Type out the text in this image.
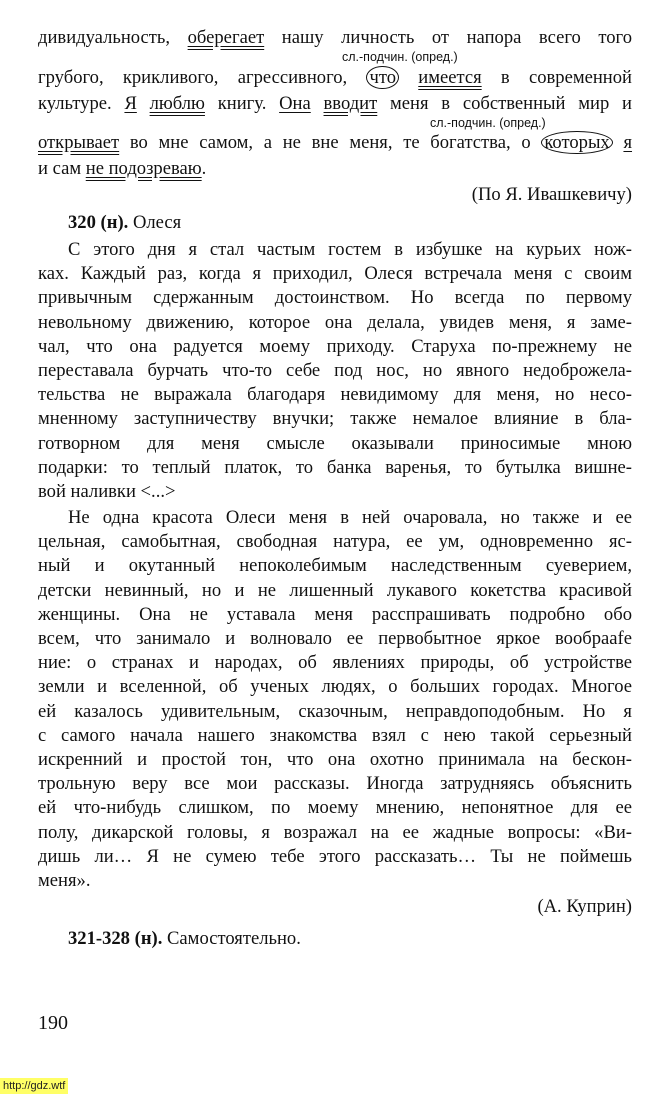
дивидуальность, оберегает нашу личность от напора всего того
грубого, крикливого, агрессивного, что имеется в современной
культуре. Я люблю книгу. Она вводит меня в собственный мир и
открывает во мне самом, а не вне меня, те богатства, о которых я
и сам не подозреваю.
сл.-подчин. (опред.)
сл.-подчин. (опред.)
(По Я. Ивашкевичу)
320 (н). Олеся
С этого дня я стал частым гостем в избушке на курьих нож-
ках. Каждый раз, когда я приходил, Олеся встречала меня с своим
привычным сдержанным достоинством. Но всегда по первому
невольному движению, которое она делала, увидев меня, я заме-
чал, что она радуется моему приходу. Старуха по-прежнему не
переставала бурчать что-то себе под нос, но явного недоброжела-
тельства не выражала благодаря невидимому для меня, но несо-
мненному заступничеству внучки; также немалое влияние в бла-
готворном для меня смысле оказывали приносимые мною
подарки: то теплый платок, то банка варенья, то бутылка вишне-
вой наливки <...>
Не одна красота Олеси меня в ней очаровала, но также и ее
цельная, самобытная, свободная натура, ее ум, одновременно яс-
ный и окутанный непоколебимым наследственным суеверием,
детски невинный, но и не лишенный лукавого кокетства красивой
женщины. Она не уставала меня расспрашивать подробно обо
всем, что занимало и волновало ее первобытное яркое вообраafe
ние: о странах и народах, об явлениях природы, об устройстве
земли и вселенной, об ученых людях, о больших городах. Многое
ей казалось удивительным, сказочным, неправдоподобным. Но я
с самого начала нашего знакомства взял с нею такой серьезный
искренний и простой тон, что она охотно принимала на бескон-
трольную веру все мои рассказы. Иногда затрудняясь объяснить
ей что-нибудь слишком, по моему мнению, непонятное для ее
полу, дикарской головы, я возражал на ее жадные вопросы: «Ви-
дишь ли… Я не сумею тебе этого рассказать… Ты не поймешь
меня».
(А. Куприн)
321-328 (н). Самостоятельно.
190
http://gdz.wtf
